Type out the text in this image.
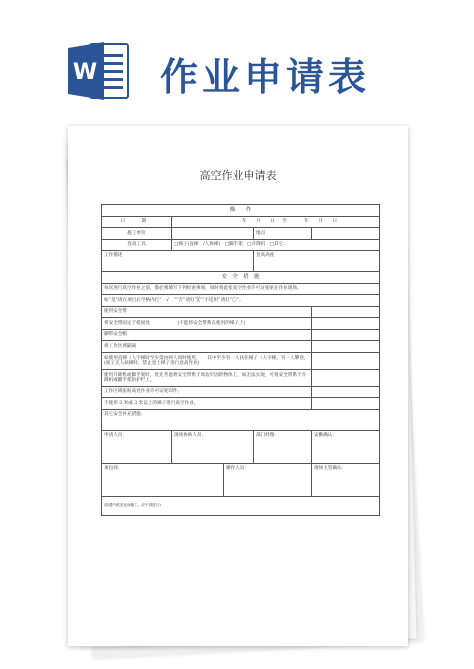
W 作业申请表
高空作业申请表
操　　作				
日　期	年 月 日 至 年 月 日			
施工单位			地点	
登高工具	□梯子(直梯　/人体梯) □脚手架 □升降机 □其它：			
工作描述			登高高度	
安　全　措　施				
每次进行高空作业之前，都必须填写下列检查事项，同时将此张高空作业许可证张贴在作业现场。				
如“是”请在项目后空格内打“　√　”“否”请打“╳”“不适用”请打“〇”。				
使用安全带				
将安全带固定于稳固处　　　　　　(不能将安全带系在使用的梯子上)				
脚带安全帽				
将工作区域隔离				
如使用直梯（人字梯时至少需由两人同时使用，　　其中至少有一人扶住梯子（人字梯，另一人攀登，(底子无人扶梯时，禁止登上梯子进行登高作业)				
使用升降机或脚手架时，优先考虑将安全带系于周边牢固的物体上，如无法实现，可将安全带系于升降机或脚手架的护栏上。				
工作区域张贴高处作业许可证复印件。				
不使用 3 米或 3 米以上的梯子进行高空作业。				
其它安全补充措施：				
申请人员：	现场协助人员：		部门经理：	安勤确认：
承包商：		操作人员：		现场主管确认：
(如遇气候变化而施工，应不得进行)				
